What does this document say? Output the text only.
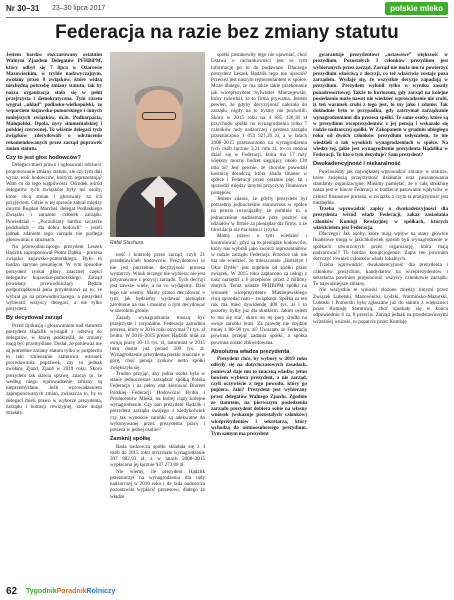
Nr 30–31 23–30 lipca 2017	polskie mleko
Federacja na razie bez zmiany statutu

Jestem bardzo rozczarowany ostatnim Walnym Zjazdem Delegatów PFHBiPM, który odbył się 7 lipca w Ożarowie Mazowieckim, w trybie nadzwyczajnym, zwołany przez 8 związków, które widzą niezbędną potrzebę zmiany statutu, tak by nasza organizacja stała się w pełni przejrzysta i demokratyczna. Tym razem wygrał „układ” podlasko-wielkopolski, ze wsparciem kujawsko-pomorskiego i innych mniejszych związków, m.in. Podkarpacia, Małopolski, Opola, nysy simmentalskiej i polskiej czerwonej. To właśnie delegaci tych związków zdecydowali o odrzuceniu rekomendowanych przez zarząd poprawek zmian statutu.

Czy to jest głos hodowców?

Delegaci mieli prawo i ogłosowali odrzucić proponowanie zmiany statutu, ale czy tym dali wyraz woli hodowców, których reprezentują? Wam co do tego wątpliwości. Ośrodek wśród delegatów tych związków były też osoby, które chcą zmian i głosowały za ich przyjęciem. Gdzie w tej sprawie zabrał między innymi Bogdan Marchel, delegat Podlaskiego Związku i zarazem członek zarządu. Powiedział – „Poczuliśmy bardzo szczerze podchodził – dla dobra hodowli” – jeżeli jednak zdaniem tego zarządu nie podlega głosowaniu o zmianach.

Na przewodniczącego prezydent Leszek Hądzlik zaproponował Piotra Dąbka – prezesa związku kujawsko-pomorskiego. Było to bardzo sprytne posunięcie. W tym sposobie prezydent zyskał głosy znacznej części delegatów kujawsko-pomorskiego. Zarząd powołany przewodniczący Będzie podporządkował pana przydentowi za to, że wybrał go na przewodniczącego, a prezydent wybierali wszyscy delegaci, a nie tylko prezydent.

By decydował zarząd

Przed dyskusją i głosowaniem nad statutem prezydent Hądzlik wystąpił z odezwą do delegatów, w której podkreślił, że zmiany mają być przemyślane. Dodał, że ponieważ nie są potrzebne zmiany statutu tylko w pośpiechu to taki zmienianie statutowa warunek procedowania poprawek, czy to jednak zwołany Zjazd, Zjazd w 2019 roku. Skoro prezydent tak stawia sprawę, znaczy to, że według niego wprowadzenie zmiany są nieprzemyślane. Jeśli wprowadzeniem zaproponowanych zmian, zwłaszcza to, by to delegaci mieli prawo w wyborze prezydenta, zarządu i komisji rewizyjnej, które dotąd działały.

Rafał Stachura

ność i kontrolę przez zarząd, czyli 21 przedstawicieli hodowców. Prezydentowi to nie jest potrzebne; decyzyjność prezesa wystarczy. Wnuk niczego nie wybiera; nie jest przyznawane z pozycji zarządu. Tych decyzji jest zawsze wiele, a na co wydajemy. Dziś tego nie wiemy. Mamy prawo decydować o tym, jak będziemy wydawać pieniądze zarobione na nas i musimy o tym decydować w szerokim gronie.

Zasady wynagradzania muszą być przejrzyste i racjonalne. Federacja zatrudnia prezesa, który w 2016 roku otrzymał 71 tys. zł brutto. W 2016–2015 prezes Hądzlik miał za swoją pracę 10–13 tys. zł, natomiast w 2015 roku dostał już ponad 200 tys. zł. Wynagrodzenie prezydenta poszło znacznie w górę, choć pensja zysków netto spółki zwiększyła się.

Trudno przyjąć, aby jedna osoba była w stanie jednocześnie zarządzać spółką Polska Federacja i na pełny etat kierować Biurem Polskiej Federacji Hodowców Bydła i Producentów Mleka, na której ciąży kolejne wynagrodzenie. Czy pan prezydent Hądzlik i prezydent zarządu swojego z kiedykolwiek czy tak wynoście zarobki są adekwatne do wykonywanej przez prezydenta pracy i prezesa w jednej osobie?

Zamknij spółkę

Rada nadzorcza spółki składała się z 3 osób do 2015 roku otrzymała wynagrodzenie 307 882,93 zł, a w latach 2008–2015 wypłacono jej łącznie 937 273,00 zł.

Nie wiemy, ile prezydent Hądzlik przeznaczył na wynagrodzenia dla rady nadzorczej w 2016 roku i ile rada nadzorcza pozostawiła wypłacić prezesowi, dlatego że władze

spółki postanowiły tego nie ujawniać, choć Ustawa o rachunkowości jest to tym informację po to do podawane. Dlaczego prezydent Leszek Hądzlik tego nie ujawnił? Przecież jest naszym reprezentantem w spółce. Może dlatego, że ma także takie przekonanie jak wiceprezydent Sylwester Mierzejewski, który twierdził, że to firma prywatna. Jestem pewien, że gdyby decyzyjność należała do zarządu, nigdy na to byśmy nie pozwolili. Skoro w 2015 roku na 4 685 126,18 zł przychodu spółki na wynagrodzenia tylko 7 członków rady nadzorczej i prezesa zarządu przeznaczono 1 053 921,26 zł, a w latach 2008–2015 przeznaczono na wynagrodzenia tych osób łącznie 3,21 mln zł, to co można dziać się w Federacji, która ma 17 razy większy mocny budżet sięgający około 130 mln zł? Jest pewnie, że chorobe powodził kosmicę doradczą, która zbada finanse w spółce i Federacji przez ostatnie pięć lat i sprawdzi między innymi przyczyny finansowe postępów.

Jestem zdania, że gdyby prezydent był potrzebny jednocześnie stanowisku w spółce na pewno rozwiązałby, że pominie to, a jednocześnie nadziemnie przy pozbyć się udziałów w firmie za pieniądze dla firmy, a że likwidacja nie ma sensu i ryzyka.

Mamy prawo o tym wiedzieć i kontrolować, gdyż są to pieniądze hodowców, który nas wybrali jako swoich reprezentantów w radzie zarządu Federacji. Przecież tak nie ma nie wiedzieć, że mieszczenie „Holsztyn i Okw Bydło” jest zupełnie od spółki przez związek. W 2015 roku zapłacono za usługi z nasz narzędzi z 6 przepisów przez 2 miliony złotych. Teraz władze PFHBiPM spółki na wniosek wiceprezydenta Mierzejewskiego chcą sprzedać nam – związkom. Spółka za ten rok ma mieć dywidendę 400 tys. zł i to pozorny byłby już dla skutkiem. Jakim celem to ma się stać, skoro do tej pory środki na swoje zarobki brali. Za prawdę nie dojdzie mniej z 80–90 tys. zł? Uważam, że Federacja powinna przejąć zadania spółki, a spółka powinna zostać zlikwidowana.

Absolutna władza prezydenta

Prezydent chce, by wybory w 2019 roku odbyły się na dotychczasowych zasadach, ponieważ daje mu to znaczną władzę: jemu bowiem wybiera prezydent, a nie zarząd, czyli oczywiście z tego powodu, który go popiera. Jaki? Prezydent jest wybierany przez delegatów Walnego Zjazdu. Zgodnie ze statutem, na pierwszym posiedzeniu zarządu prezydent dobiera sobie na własny wniosek (wskazuje pozostałych członków) wiceprezydentów i sekretarza, który wchodzą do ośmioosobowego prezydium. Tym samym ma prezydent

gwarantuje prezydentowi „ustawowe” większość w prezydium. Pozostałych 3 członków prezydium jest wybieranych przez zarząd. Zarząd nie może mu tu powierzyć prezydium właściwą z decyzji, co też właściwie zostaje poza zarządem. Wydaje się, że wszystkie decyzje zapadają w prezydium. Prezydent wyłonił tylko w wyniku zasady ponadresortowej. Także to kuriozum, gdy zarząd na kolejne posiedzenie może nawet nie wiedzieć wprowadzenie nie zrobi, iż ten warunek zrobi z tego jest, to my jako i zdanie: Tak dokładnie było w przypadku, gdy zatrzymał zarządzanie wynagrodzeniami dla prezesa spółki. Te same osoby, które są w prezydium wiceprezydentów z jej pensją i wskazało się radzie nadzorczej spółki. W Zakopanem w grudniu ubiegłego roku od dwóch członków prezydium usłyszałem, że nie wiedzieli o tak wysokich wynagrodzeniach w spółce. Na wiedzy tej, jakie jest wynagrodzenie prezydenta Hądzlika w Federacji. To kto o tym decyduje? Sam prezydent?

Dwukadencyjność i niekaralność

Powinniśmy jak największej wprowadzić zmiany w statucie, które zwiększą przejrzystość działania oraz poszanowania standardy organizacyjne. Musimy pamiętać, że o całą strukturę nasza jest w biurze Federacji w budżecie pasowanie wpływów w całości finansowe prezesa, w związku z czym ta przejrzystość jest niezbędna.

Trzeba wprowadzić zapisy o dwukadencyjności dla prezydenta wśród władz Federacji, zakaz zasiadania członków Komisji Rewizyjnej w spółkach, których właścicielem jest Federacja.

Dlaczego? Jak osoby, które mają wpływ na stany głównie finansowe mogą w jakichkolwiek sposób byli wynagrodzenie w spółkach utworzonych przez organizację, która mają nadzorować? To bardzo korupcjogenne. Zapis ten powinien dotyczyć również członków władz lokalnych.

Trzeba wprowadzić dwukadencyjność dla prezydenta i członków prezydium, kandydatów na wiceprezydentów i sekretarza powinien proponować wszyscy członkowie zarządu. To najważniejsze zmiany.

Nie wszystkie te wnioski złożone między innymi przez Związek Lubelski, Mazowiecki, Łódzki, Warmińsko-Mazurski, Lubuski i Pomorski było zgłaszane już do statutu z większości przez Komisję Statutową, choć spotkały się w końcu odpowiednio 4 za, 8 przeciw. Zarząd jednak za przedstawionymi wcześniej wnioski, to poparcie przez Komisję

62 TygodnikPoradnikRolniczy
